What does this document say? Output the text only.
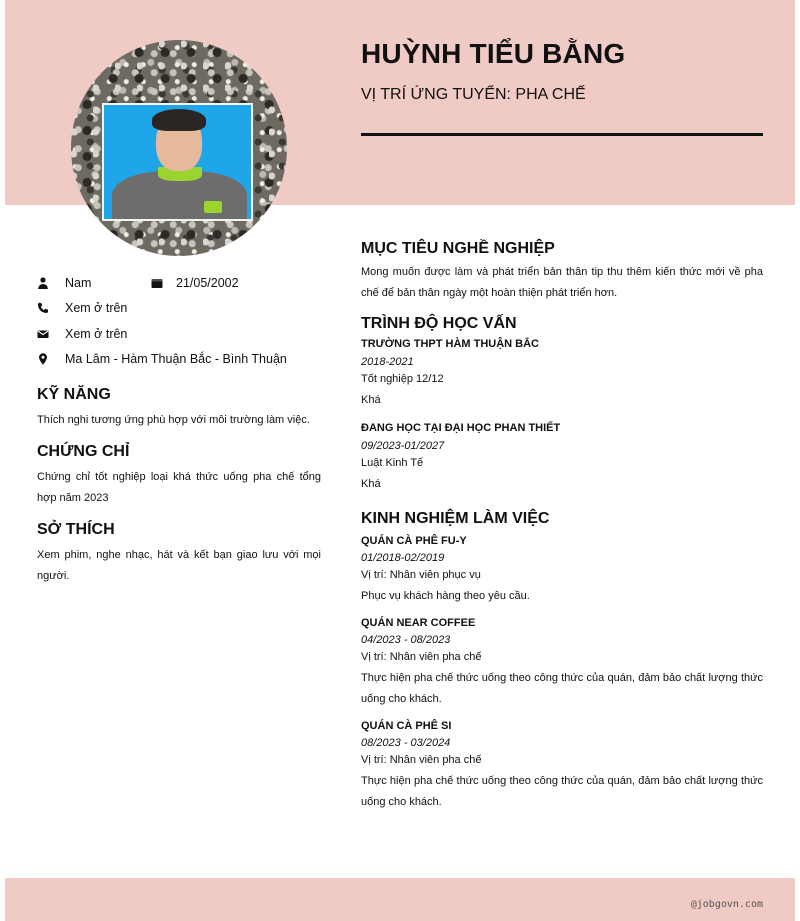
HUỲNH TIỂU BẰNG
VỊ TRÍ ỨNG TUYỂN: PHA CHẾ
Nam	21/05/2002
Xem ở trên
Xem ở trên
Ma Lâm - Hàm Thuận Bắc - Bình Thuận
KỸ NĂNG
Thích nghi tương ứng phù hợp với môi trường làm việc.
CHỨNG CHỈ
Chứng chỉ tốt nghiệp loại khá thức uống pha chế tổng hợp năm 2023
SỞ THÍCH
Xem phim, nghe nhạc, hát và kết bạn giao lưu với mọi người.
MỤC TIÊU NGHỀ NGHIỆP
Mong muốn được làm và phát triển bản thân tip thu thêm kiến thức mới về pha chế để bản thân ngày một hoàn thiện phát triển hơn.
TRÌNH ĐỘ HỌC VẤN
TRƯỜNG THPT HÀM THUẬN BẮC
2018-2021
Tốt nghiệp 12/12
Khá
ĐANG HỌC TẠI ĐẠI HỌC PHAN THIẾT
09/2023-01/2027
Luật Kinh Tế
Khá
KINH NGHIỆM LÀM VIỆC
QUÁN CÀ PHÊ FU-Y
01/2018-02/2019
Vị trí: Nhân viên phục vụ
Phục vụ khách hàng theo yêu cầu.
QUÁN NEAR COFFEE
04/2023 - 08/2023
Vị trí: Nhân viên pha chế
Thực hiện pha chế thức uống theo công thức của quán, đảm bảo chất lượng thức uống cho khách.
QUÁN CÀ PHÊ SI
08/2023 - 03/2024
Vị trí: Nhân viên pha chế
Thực hiện pha chế thức uống theo công thức của quán, đảm bảo chất lượng thức uống cho khách.
@jobgovn.com
